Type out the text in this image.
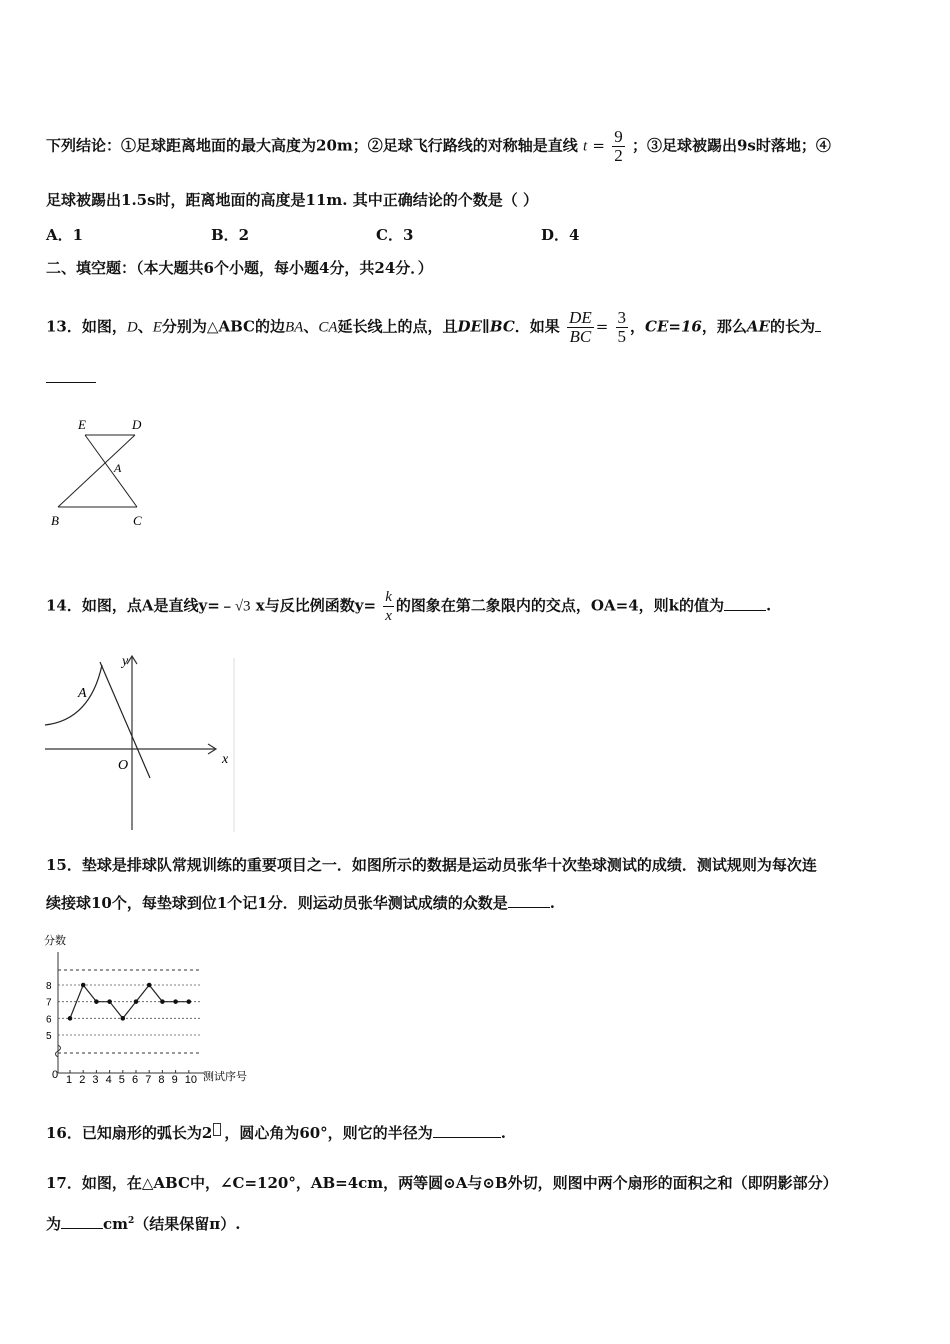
下列结论：①足球距离地面的最大高度为20m；②足球飞行路线的对称轴是直线 $t = \frac{9}{2}$ ；③足球被踢出9s时落地；④
足球被踢出1.5s时，距离地面的高度是11m. 其中正确结论的个数是（ ）
A．1	B．2	C．3	D．4
二、填空题：（本大题共6个小题，每小题4分，共24分．）
13．如图，D、E分别为△ABC的边BA、CA延长线上的点，且DE∥BC．如果 $\frac{DE}{BC} = \frac{3}{5}$ ，CE=16，那么AE的长为
E	D
A
B	C
14．如图，点A是直线y=﹣√3 x与反比例函数$y= \frac{k}{x}$ 的图象在第二象限内的交点，OA=4，则k的值为	.
A
O	x
y
15．垫球是排球队常规训练的重要项目之一．如图所示的数据是运动员张华十次垫球测试的成绩．测试规则为每次连
续接球10个，每垫球到位1个记1分．则运动员张华测试成绩的众数是	.
分数
0	测试序号
5
6
7
8
1 2 3 4 5 6 7 8 9 10
16．已知扇形的弧长为2 ，圆心角为60°，则它的半径为	.
17．如图，在△ABC中，∠C=120°，AB=4cm，两等圆⊙A与⊙B外切，则图中两个扇形的面积之和（即阴影部分）
为	$cm^2$（结果保留π）.
